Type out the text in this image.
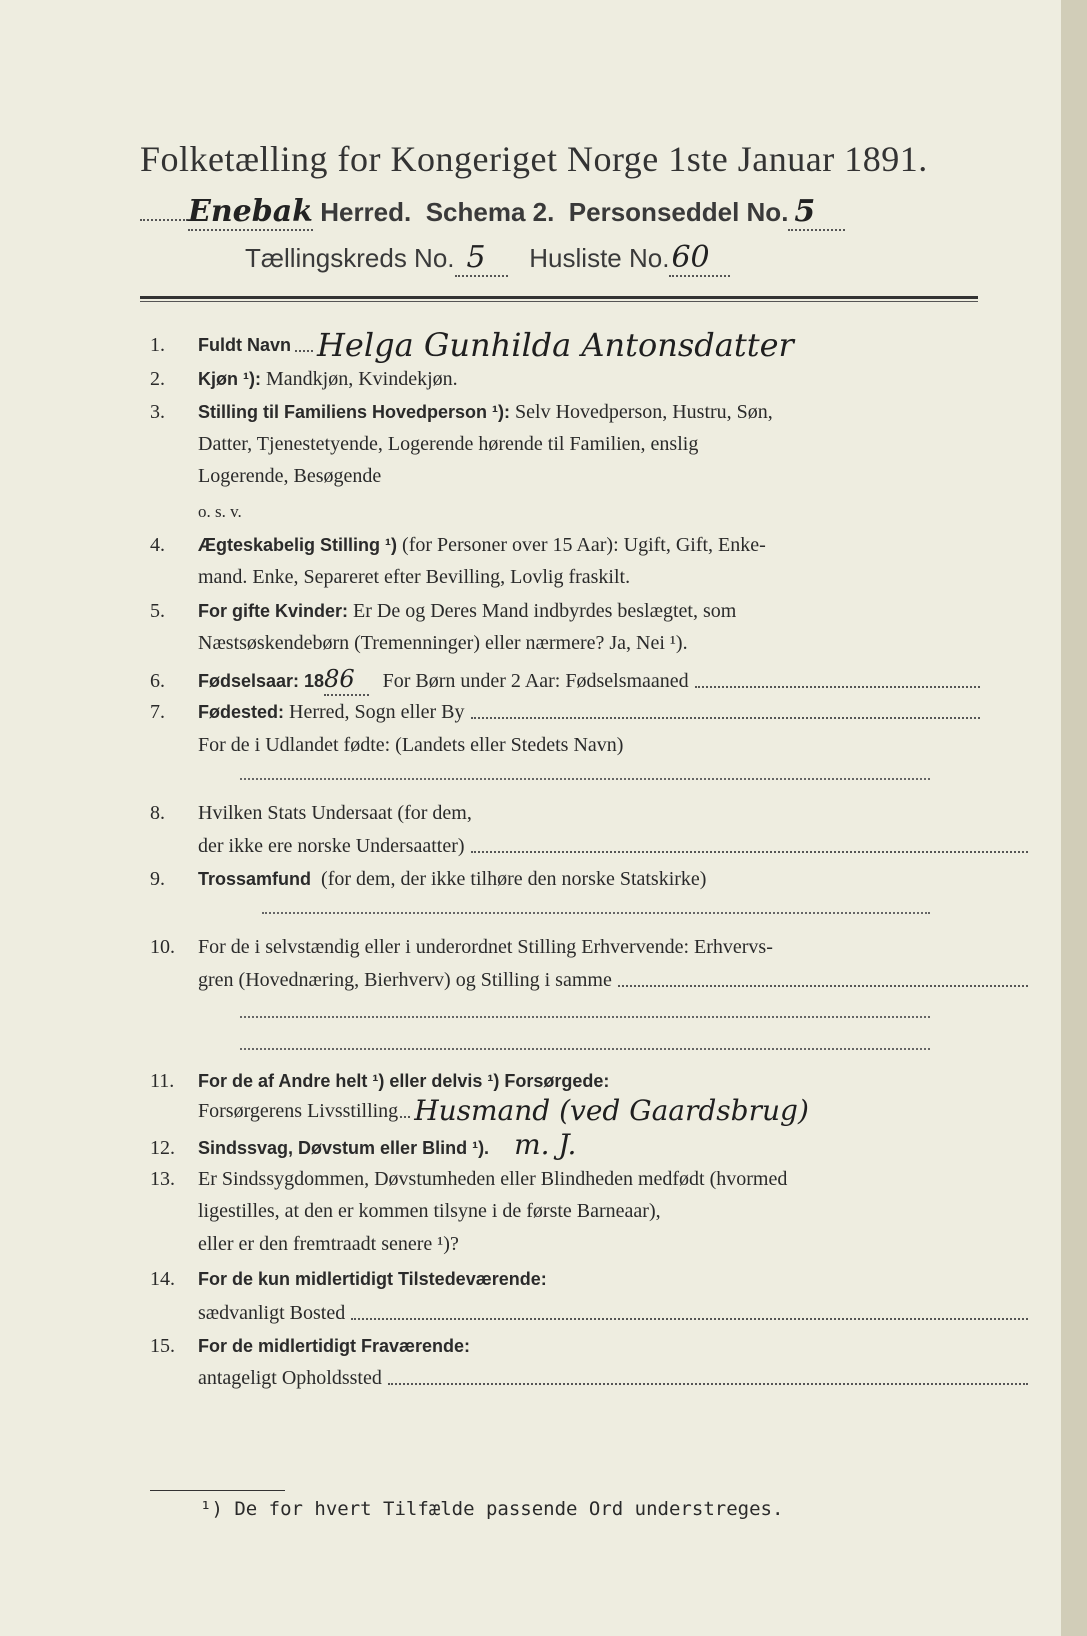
Folketælling for Kongeriget Norge 1ste Januar 1891.
Enebak Herred. Schema 2. Personseddel No. 5
Tællingskreds No. 5 Husliste No.60
1.	Fuldt Navn Helga Gunhilda Antonsdatter
2. Kjøn ¹): Mandkjøn, Kvindekjøn.
3. Stilling til Familiens Hovedperson ¹): Selv Hovedperson, Hustru, Søn,
Datter, Tjenestetyende, Logerende hørende til Familien, enslig
Logerende, Besøgende
o. s. v.
4. Ægteskabelig Stilling ¹) (for Personer over 15 Aar): Ugift, Gift, Enke-
mand. Enke, Separeret efter Bevilling, Lovlig fraskilt.
5. For gifte Kvinder: Er De og Deres Mand indbyrdes beslægtet, som
Næstsøskendebørn (Tremenninger) eller nærmere? Ja, Nei ¹).
6.	Fødselsaar: 18 86	For Børn under 2 Aar: Fødselsmaaned
7.	Fødested:
Herred, Sogn eller By
For de i Udlandet fødte: (Landets eller Stedets Navn)
8. Hvilken Stats Undersaat (for dem,
der ikke ere norske Undersaatter)
9. Trossamfund (for dem, der ikke tilhøre den norske Statskirke)
10. For de i selvstændig eller i underordnet Stilling Erhvervende: Erhvervs-
gren (Hovednæring, Bierhverv) og Stilling i samme
11. For de af Andre helt ¹) eller delvis ¹) Forsørgede:
Forsørgerens Livsstilling Husmand (ved Gaardsbrug)
12. Sindssvag, Døvstum eller Blind ¹). m. J.
13. Er Sindssygdommen, Døvstumheden eller Blindheden medfødt (hvormed
ligestilles, at den er kommen tilsyne i de første Barneaar),
eller er den fremtraadt senere ¹)?
14. For de kun midlertidigt Tilstedeværende:
sædvanligt Bosted
15. For de midlertidigt Fraværende:
antageligt Opholdssted
¹) De for hvert Tilfælde passende Ord understreges.
